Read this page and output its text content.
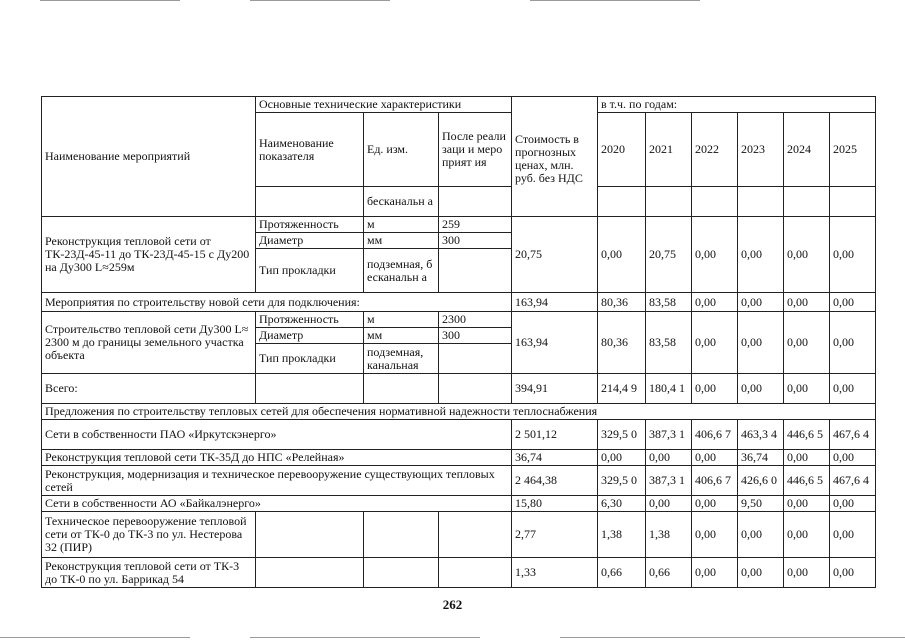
Наименование мероприятий	Основные технические характеристики			Стоимость в прогнозных ценах, млн. руб. без НДС	в т.ч. по годам:					
	Наименование показателя	Ед. изм.	После реализаци и мероприят ия		2020	2021	2022	2023	2024	2025
		бесканальн а								
Реконструкция тепловой сети от ТК-23Д-45-11 до ТК-23Д-45-15 с Ду200 на Ду300 L≈259м	Протяженность	м	259	20,75	0,00	20,75	0,00	0,00	0,00	0,00
	Диаметр	мм	300							
	Тип прокладки	подземная, бесканальн а								
Мероприятия по строительству новой сети для подключения:				163,94	80,36	83,58	0,00	0,00	0,00	0,00
Строительство тепловой сети Ду300 L≈ 2300 м до границы земельного участка объекта	Протяженность	м	2300	163,94	80,36	83,58	0,00	0,00	0,00	0,00
	Диаметр	мм	300							
	Тип прокладки	подземная, канальная								
Всего:				394,91	214,4 9	180,4 1	0,00	0,00	0,00	0,00
Предложения по строительству тепловых сетей для обеспечения нормативной надежности теплоснабжения										
Сети в собственности ПАО «Иркутскэнерго»				2 501,12	329,5 0	387,3 1	406,6 7	463,3 4	446,6 5	467,6 4
Реконструкция тепловой сети ТК-35Д до НПС «Релейная»				36,74	0,00	0,00	0,00	36,74	0,00	0,00
Реконструкция, модернизация и техническое перевооружение существующих тепловых сетей				2 464,38	329,5 0	387,3 1	406,6 7	426,6 0	446,6 5	467,6 4
Сети в собственности АО «Байкалэнерго»				15,80	6,30	0,00	0,00	9,50	0,00	0,00
Техническое перевооружение тепловой сети от ТК-0 до ТК-3 по ул. Нестерова 32 (ПИР)				2,77	1,38	1,38	0,00	0,00	0,00	0,00
Реконструкция тепловой сети от ТК-3 до ТК-0 по ул. Баррикад 54				1,33	0,66	0,66	0,00	0,00	0,00	0,00
262
